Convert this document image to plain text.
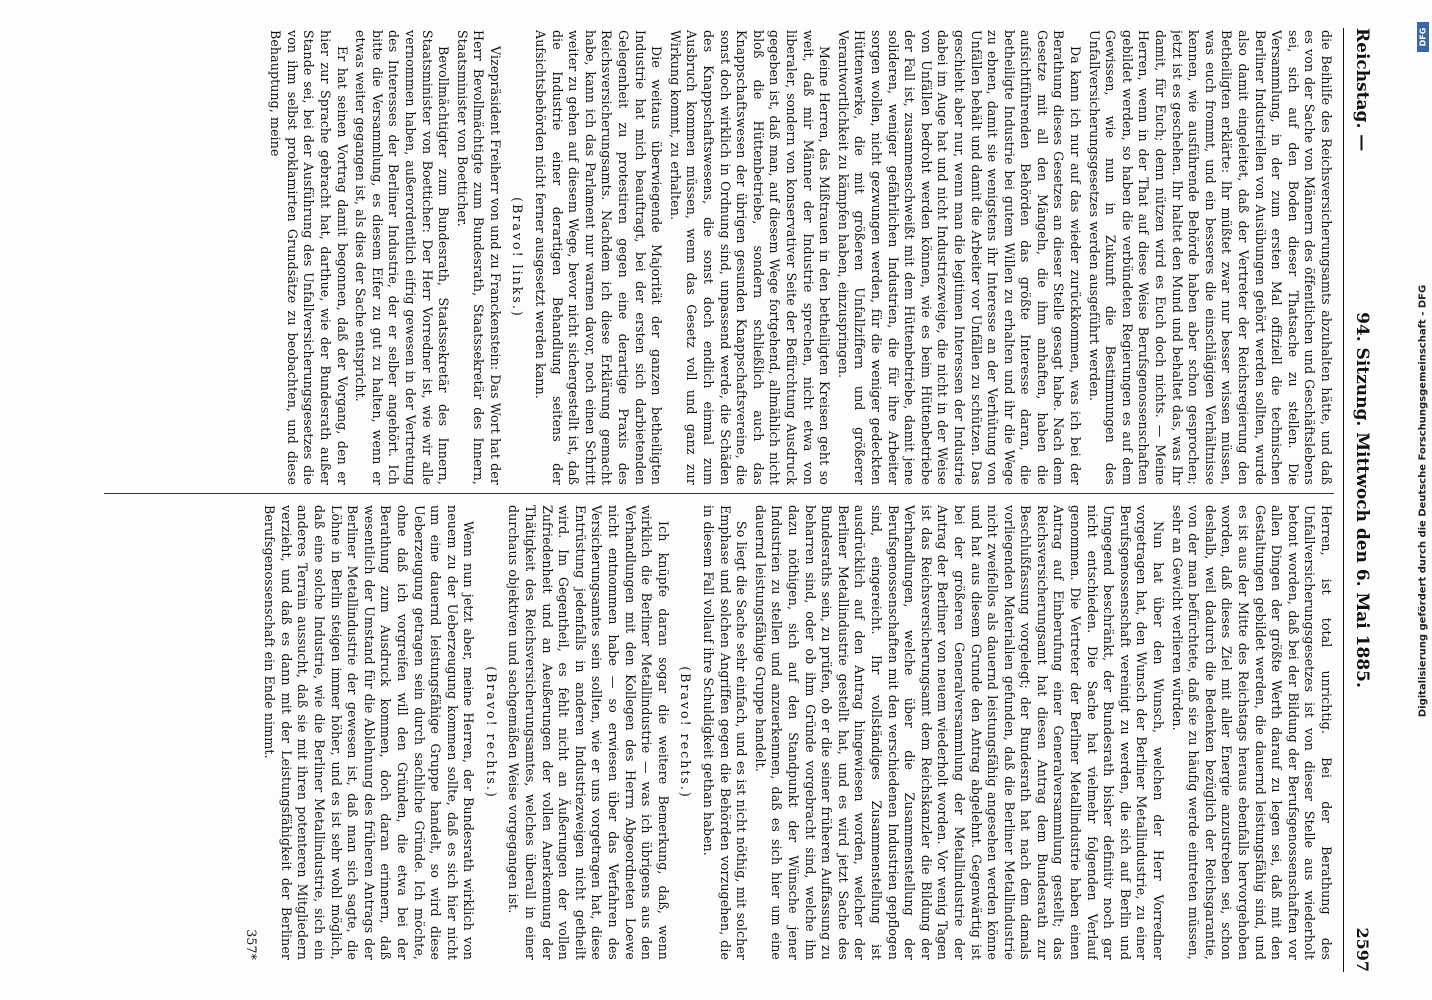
Reichstag. —
94. Sitzung. Mittwoch den 6. Mai 1885.
2597

die Beihilfe des Reichsversicherungsamts abzuhalten hätte, und daß es von der Sache von Männern des öffentlichen und Geschäftslebens sei, sich auf den Boden dieser Thatsache zu stellen. Die Versammlung, in der zum ersten Mal offiziell die technischen Berliner Industriellen von Ausübungen gehört werden sollten, wurde also damit eingeleitet, daß der Vertreter der Reichsregierung den Betheiligten erklärte: Ihr müßtet zwar nur besser wissen müssen, was euch frommt, und ein besseres die einschlägigen Verhältnisse kennen, wie ausführende Behörde haben aber schon gesprochen; jetzt ist es geschehen. Ihr haltet den Mund und behaltet das, was Ihr damit, für Euch; denn nützen wird es Euch doch nichts. — Meine Herren, wenn in der That auf diese Weise Berufsgenossenschaften gebildet werden, so haben die verbündeten Regierungen es auf dem Gewissen, wie nun in Zukunft die Bestimmungen des Unfallversicherungsgesetzes werden ausgeführt werden.

Da kann ich nur auf das wieder zurückkommen, was ich bei der Berathung dieses Gesetzes an dieser Stelle gesagt habe. Nach dem Gesetze mit all den Mängeln, die ihm anhaften, haben die aufsichtführenden Behörden das größte Interesse daran, die betheiligte Industrie bei gutem Willen zu erhalten und ihr die Wege zu ebnen, damit sie wenigstens ihr Interesse an der Verhütung von Unfällen behält und damit die Arbeiter vor Unfällen zu schützen. Das geschieht aber nur, wenn man die legitimen Interessen der Industrie dabei im Auge hat und nicht Industriezweige, die nicht in der Weise von Unfällen bedroht werden können, wie es beim Hüttenbetriebe der Fall ist, zusammenschweißt mit dem Hüttenbetriebe, damit jene solideren, weniger gefährlichen Industrien, die für ihre Arbeiter sorgen wollen, nicht gezwungen werden, für die weniger gedeckten Hüttenwerke, die mit größeren Unfallziffern und größerer Verantwortlichkeit zu kämpfen haben, einzuspringen.

Meine Herren, das Mißtrauen in den betheiligten Kreisen geht so weit, daß mir Männer der Industrie sprechen, nicht etwa von liberaler, sondern von konservativer Seite der Befürchtung Ausdruck gegeben ist, daß man, auf diesem Wege fortgehend, allmählich nicht bloß die Hüttenbetriebe, sondern schließlich auch das Knappschaftswesen der übrigen gesunden Knappschaftsvereine, die sonst doch wirklich in Ordnung sind, unpassend werde, die Schäden des Knappschaftswesens, die sonst doch endlich einmal zum Ausbruch kommen müssen, wenn das Gesetz voll und ganz zur Wirkung kommt, zu erhalten.

Die weitaus überwiegende Majorität der ganzen betheiligten Industrie hat mich beauftragt, bei der ersten sich darbietenden Gelegenheit zu protestiren gegen eine derartige Praxis des Reichsversicherungsamts. Nachdem ich diese Erklärung gemacht habe, kann ich das Parlament nur warnen davor, noch einen Schritt weiter zu gehen auf diesem Wege, bevor nicht sichergestellt ist, daß die Industrie einer derartigen Behandlung seitens der Aufsichtsbehörden nicht ferner ausgesetzt werden kann.

(Bravo! links.)

Vizepräsident Freiherr von und zu Franckenstein: Das Wort hat der Herr Bevollmächtigte zum Bundesrath, Staatssekretär des Innern, Staatsminister von Boetticher.

Bevollmächtigter zum Bundesrath, Staatssekretär des Innern, Staatsminister von Boetticher: Der Herr Vorredner ist, wie wir alle vernommen haben, außerordentlich eifrig gewesen in der Vertretung des Interesses der Berliner Industrie, der er selber angehört. Ich bitte die Versammlung, es diesem Eifer zu gut zu halten, wenn er etwas weiter gegangen ist, als dies der Sache entspricht.

Er hat seinen Vortrag damit begonnen, daß der Vorgang, den er hier zur Sprache gebracht hat, darthue, wie der Bundesrath außer Stande sei, bei der Ausführung des Unfallversicherungsgesetzes die von ihm selbst proklamirten Grundsätze zu beobachten, und diese Behauptung, meine

Herren, ist total unrichtig. Bei der Berathung des Unfallversicherungsgesetzes ist von dieser Stelle aus wiederholt betont worden, daß bei der Bildung der Berufsgenossenschaften vor allen Dingen der größte Werth darauf zu legen sei, daß mit den Gestaltungen gebildet werden, die dauernd leistungsfähig sind, und es ist aus der Mitte des Reichstags heraus ebenfalls hervorgehoben worden, daß dieses Ziel mit aller Energie anzustreben sei, schon deshalb, weil dadurch die Bedenken bezüglich der Reichsgarantie, von der man befürchtete, daß sie zu häufig werde eintreten müssen, sehr an Gewicht verlieren würden.

Nun hat über den Wunsch, welchen der Herr Vorredner vorgetragen hat, den Wunsch der Berliner Metallindustrie, zu einer Berufsgenossenschaft vereinigt zu werden, die sich auf Berlin und Umgegend beschränkt, der Bundesrath bisher definitiv noch gar nicht entschieden. Die Sache hat vielmehr folgenden Verlauf genommen. Die Vertreter der Berliner Metallindustrie haben einen Antrag auf Einberufung einer Generalversammlung gestellt; das Reichsversicherungsamt hat diesen Antrag dem Bundesrath zur Beschlußfassung vorgelegt; der Bundesrath hat nach dem damals vorliegenden Materialien gefunden, daß die Berliner Metallindustrie nicht zweifellos als dauernd leistungsfähig angesehen werden könne und hat aus diesem Grunde den Antrag abgelehnt. Gegenwärtig ist bei der größeren Generalversammlung der Metallindustrie der Antrag der Berliner von neuem wiederholt worden. Vor wenig Tagen ist das Reichsversicherungsamt dem Reichskanzler die Bildung der Verhandlungen, welche über die Zusammenstellung der Berufsgenossenschaften mit den verschiedenen Industrien gepflogen sind, eingereicht. Ihr vollständiges Zusammenstellung ist ausdrücklich auf den Antrag hingewiesen worden, welcher der Berliner Metallindustrie gestellt hat, und es wird jetzt Sache des Bundesraths sein, zu prüfen, ob er die seiner früheren Auffassung zu beharren sind, oder ob ihm Gründe vorgebracht sind, welche ihn dazu nöthigen, sich auf den Standpunkt der Wünsche jener Industrien zu stellen und anzuerkennen, daß es sich hier um eine dauernd leistungsfähige Gruppe handelt.

So liegt die Sache sehr einfach, und es ist nicht nöthig, mit solcher Emphase und solchen Angriffen gegen die Behörden vorzugehen, die in diesem Fall vollauf ihre Schuldigkeit gethan haben.

(Bravo! rechts.)

Ich knüpfe daran sogar die weitere Bemerkung, daß, wenn wirklich die Berliner Metallindustrie — was ich übrigens aus den Verhandlungen mit den Kollegen des Herrn Abgeordneten Loewe nicht entnommen habe — so erwiesen über das Verfahren des Versicherungsamtes sein sollten, wie er uns vorgetragen hat, diese Entrüstung jedenfalls in anderen Industriezweigen nicht getheilt wird. Im Gegentheil, es fehlt nicht an Äußerungen der vollen Zufriedenheit und an Aeußerungen der vollen Anerkennung der Thätigkeit des Reichsversicherungsamtes, welches überall in einer durchaus objektiven und sachgemäßen Weise vorgegangen ist.

(Bravo! rechts.)

Wenn nun jetzt aber, meine Herren, der Bundesrath wirklich von neuem zu der Ueberzeugung kommen sollte, daß es sich hier nicht um eine dauernd leistungsfähige Gruppe handelt, so wird diese Ueberzeugung getragen sein durch sachliche Gründe. Ich möchte, ohne daß ich vorgreifen will den Gründen, die etwa bei der Berathung zum Ausdruck kommen, doch daran erinnern, daß wesentlich der Umstand für die Ablehnung des früheren Antrags der Berliner Metallindustrie der gewesen ist, daß man sich sagte, die Löhne in Berlin steigen immer höher, und es ist sehr wohl möglich, daß eine solche Industrie, wie die Berliner Metallindustrie, sich ein anderes Terrain aussucht, daß sie mit ihren potenteren Mitgliedern verzieht, und daß es dann mit der Leistungsfähigkeit der Berliner Berufsgenossenschaft ein Ende nimmt.

357*

Digitalisierung gefördert durch die Deutsche Forschungsgemeinschaft - DFG
DFG
